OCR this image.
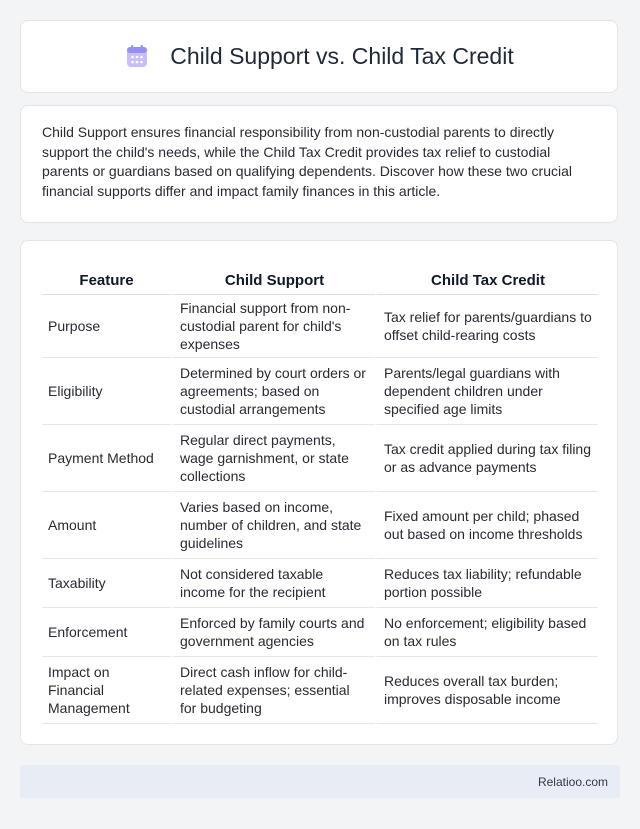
Child Support vs. Child Tax Credit

Child Support ensures financial responsibility from non-custodial parents to directly support the child's needs, while the Child Tax Credit provides tax relief to custodial parents or guardians based on qualifying dependents. Discover how these two crucial financial supports differ and impact family finances in this article.

Feature	Child Support	Child Tax Credit
Purpose	Financial support from non-custodial parent for child's expenses	Tax relief for parents/guardians to offset child-rearing costs
Eligibility	Determined by court orders or agreements; based on custodial arrangements	Parents/legal guardians with dependent children under specified age limits
Payment Method	Regular direct payments, wage garnishment, or state collections	Tax credit applied during tax filing or as advance payments
Amount	Varies based on income, number of children, and state guidelines	Fixed amount per child; phased out based on income thresholds
Taxability	Not considered taxable income for the recipient	Reduces tax liability; refundable portion possible
Enforcement	Enforced by family courts and government agencies	No enforcement; eligibility based on tax rules
Impact on Financial Management	Direct cash inflow for child-related expenses; essential for budgeting	Reduces overall tax burden; improves disposable income
Relatioo.com
